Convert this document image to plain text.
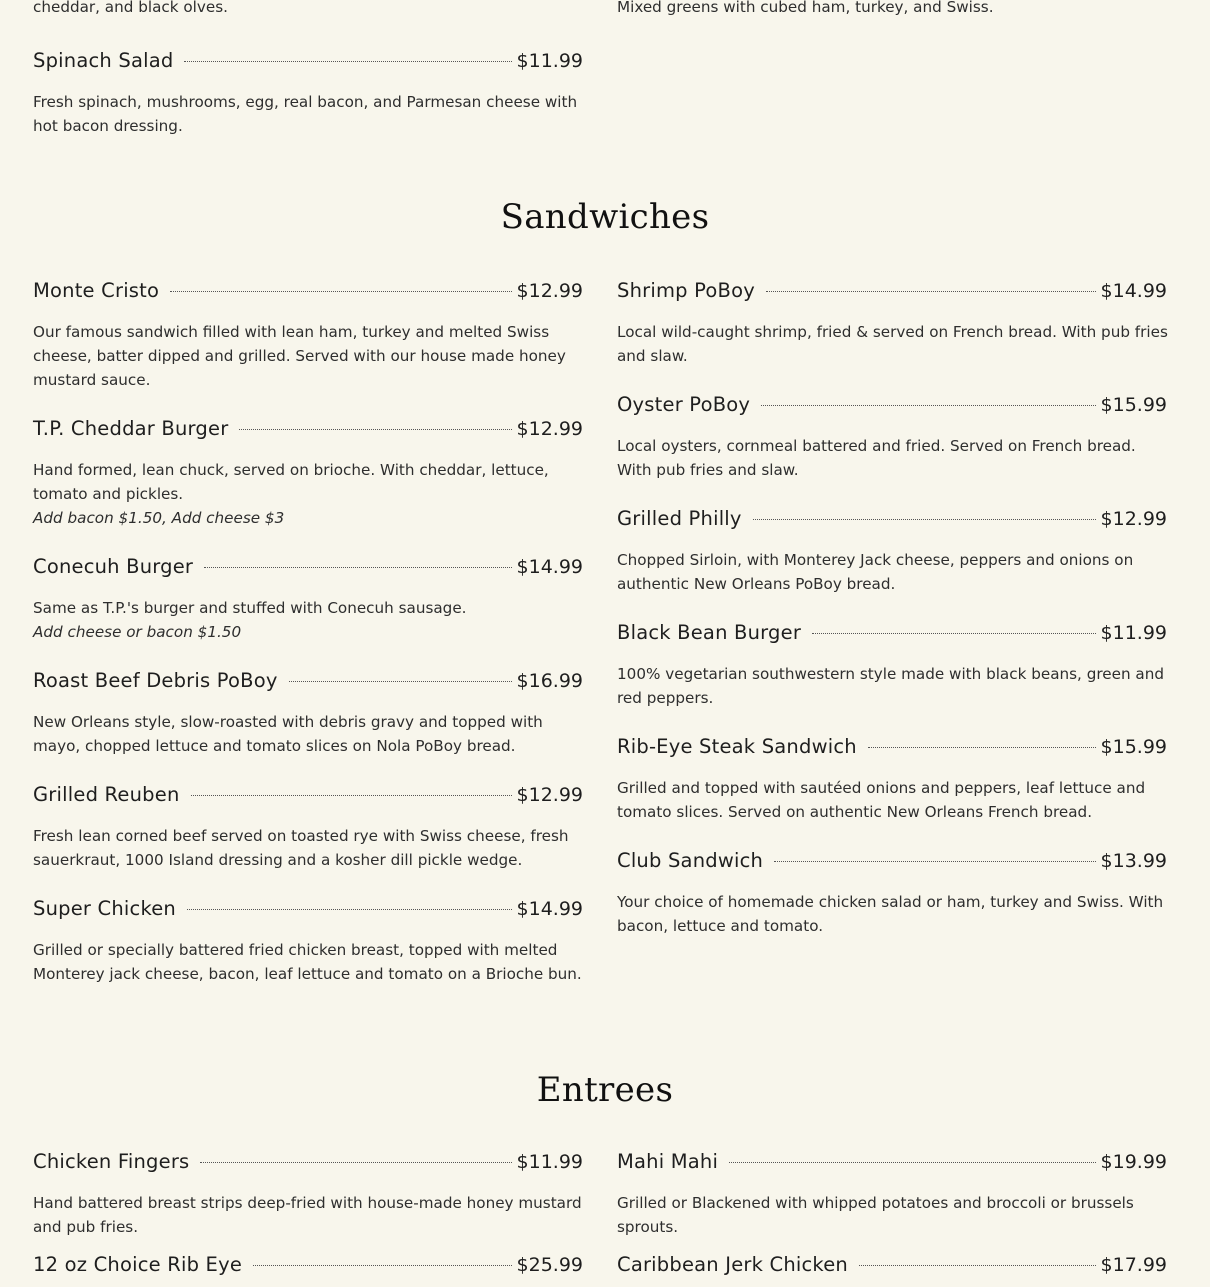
cheddar, and black olves.	Mixed greens with cubed ham, turkey, and Swiss.
Spinach Salad	$11.99
Fresh spinach, mushrooms, egg, real bacon, and Parmesan cheese with hot bacon dressing.
Sandwiches
Monte Cristo	$12.99
Our famous sandwich filled with lean ham, turkey and melted Swiss cheese, batter dipped and grilled. Served with our house made honey mustard sauce.
T.P. Cheddar Burger	$12.99
Hand formed, lean chuck, served on brioche. With cheddar, lettuce, tomato and pickles.
Add bacon $1.50, Add cheese $3
Conecuh Burger	$14.99
Same as T.P.'s burger and stuffed with Conecuh sausage.
Add cheese or bacon $1.50
Roast Beef Debris PoBoy	$16.99
New Orleans style, slow-roasted with debris gravy and topped with mayo, chopped lettuce and tomato slices on Nola PoBoy bread.
Grilled Reuben	$12.99
Fresh lean corned beef served on toasted rye with Swiss cheese, fresh sauerkraut, 1000 Island dressing and a kosher dill pickle wedge.
Super Chicken	$14.99
Grilled or specially battered fried chicken breast, topped with melted Monterey jack cheese, bacon, leaf lettuce and tomato on a Brioche bun.
Shrimp PoBoy	$14.99
Local wild-caught shrimp, fried & served on French bread. With pub fries and slaw.
Oyster PoBoy	$15.99
Local oysters, cornmeal battered and fried. Served on French bread. With pub fries and slaw.
Grilled Philly	$12.99
Chopped Sirloin, with Monterey Jack cheese, peppers and onions on authentic New Orleans PoBoy bread.
Black Bean Burger	$11.99
100% vegetarian southwestern style made with black beans, green and red peppers.
Rib-Eye Steak Sandwich	$15.99
Grilled and topped with sautéed onions and peppers, leaf lettuce and tomato slices. Served on authentic New Orleans French bread.
Club Sandwich	$13.99
Your choice of homemade chicken salad or ham, turkey and Swiss. With bacon, lettuce and tomato.
Entrees
Chicken Fingers	$11.99
Hand battered breast strips deep-fried with house-made honey mustard and pub fries.
12 oz Choice Rib Eye	$25.99
Mahi Mahi	$19.99
Grilled or Blackened with whipped potatoes and broccoli or brussels sprouts.
Caribbean Jerk Chicken	$17.99
